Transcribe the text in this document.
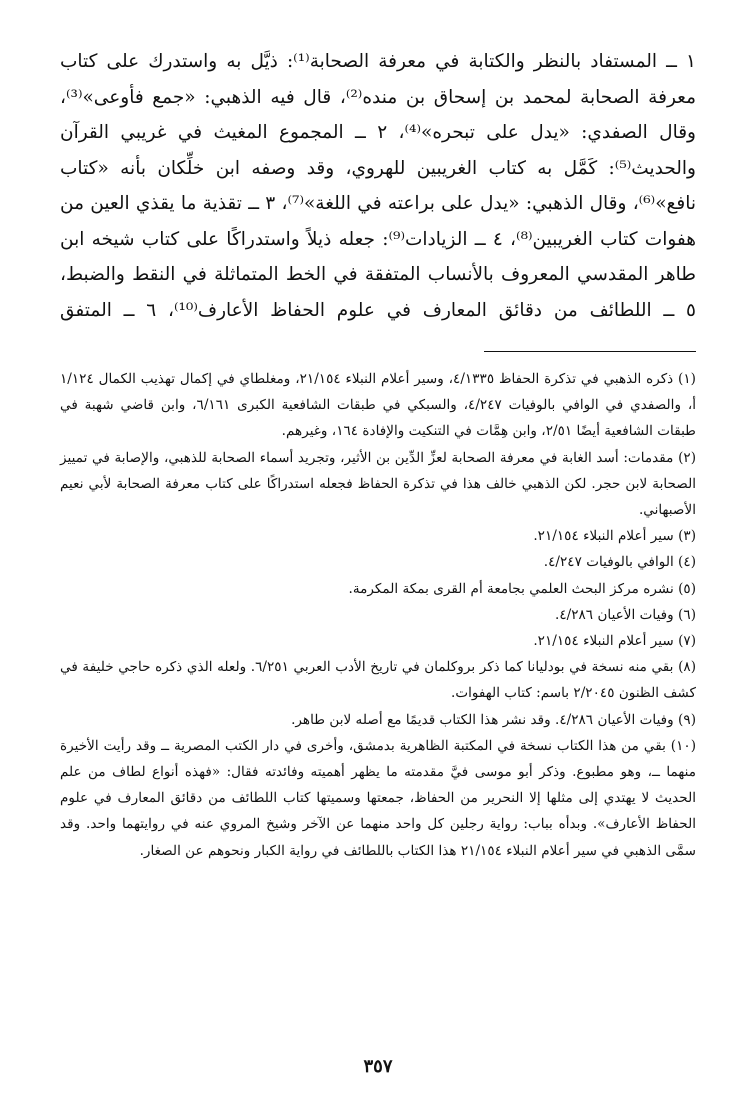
١ ــ المستفاد بالنظر والكتابة في معرفة الصحابة⁽¹⁾: ذيَّل به واستدرك على كتاب معرفة الصحابة لمحمد بن إسحاق بن منده⁽²⁾، قال فيه الذهبي: «جمع فأوعى»⁽³⁾، وقال الصفدي: «يدل على تبحره»⁽⁴⁾، ٢ ــ المجموع المغيث في غريبي القرآن والحديث⁽⁵⁾: كَمَّل به كتاب الغريبين للهروي، وقد وصفه ابن خلِّكان بأنه «كتاب نافع»⁽⁶⁾، وقال الذهبي: «يدل على براعته في اللغة»⁽⁷⁾، ٣ ــ تقذية ما يقذي العين من هفوات كتاب الغريبين⁽⁸⁾، ٤ ــ الزيادات⁽⁹⁾: جعله ذيلاً واستدراكًا على كتاب شيخه ابن طاهر المقدسي المعروف بالأنساب المتفقة في الخط المتماثلة في النقط والضبط، ٥ ــ اللطائف من دقائق المعارف في علوم الحفاظ الأعارف⁽¹⁰⁾، ٦ ــ المتفق

(١) ذكره الذهبي في تذكرة الحفاظ ٤/١٣٣٥، وسير أعلام النبلاء ٢١/١٥٤، ومغلطاي في إكمال تهذيب الكمال ١/١٢٤ أ، والصفدي في الوافي بالوفيات ٤/٢٤٧، والسبكي في طبقات الشافعية الكبرى ٦/١٦١، وابن قاضي شهبة في طبقات الشافعية أيضًا ٢/٥١، وابن هِمَّات في التنكيت والإفادة ١٦٤، وغيرهم.

(٢) مقدمات: أسد الغابة في معرفة الصحابة لعزِّ الدِّين بن الأثير، وتجريد أسماء الصحابة للذهبي، والإصابة في تمييز الصحابة لابن حجر. لكن الذهبي خالف هذا في تذكرة الحفاظ فجعله استدراكًا على كتاب معرفة الصحابة لأبي نعيم الأصبهاني.

(٣) سير أعلام النبلاء ٢١/١٥٤.

(٤) الوافي بالوفيات ٤/٢٤٧.

(٥) نشره مركز البحث العلمي بجامعة أم القرى بمكة المكرمة.

(٦) وفيات الأعيان ٤/٢٨٦.

(٧) سير أعلام النبلاء ٢١/١٥٤.

(٨) بقي منه نسخة في بودليانا كما ذكر بروكلمان في تاريخ الأدب العربي ٦/٢٥١. ولعله الذي ذكره حاجي خليفة في كشف الظنون ٢/٢٠٤٥ باسم: كتاب الهفوات.

(٩) وفيات الأعيان ٤/٢٨٦. وقد نشر هذا الكتاب قديمًا مع أصله لابن طاهر.

(١٠) بقي من هذا الكتاب نسخة في المكتبة الظاهرية بدمشق، وأخرى في دار الكتب المصرية ــ وقد رأيت الأخيرة منهما ــ، وهو مطبوع. وذكر أبو موسى فيَّ مقدمته ما يظهر أهميته وفائدته فقال: «فهذه أنواع لطاف من علم الحديث لا يهتدي إلى مثلها إلا النحرير من الحفاظ، جمعتها وسميتها كتاب اللطائف من دقائق المعارف في علوم الحفاظ الأعارف». وبدأه بباب: رواية رجلين كل واحد منهما عن الآخر وشيخ المروي عنه في روايتهما واحد. وقد سمَّى الذهبي في سير أعلام النبلاء ٢١/١٥٤ هذا الكتاب باللطائف في رواية الكبار ونحوهم عن الصغار.

٣٥٧
